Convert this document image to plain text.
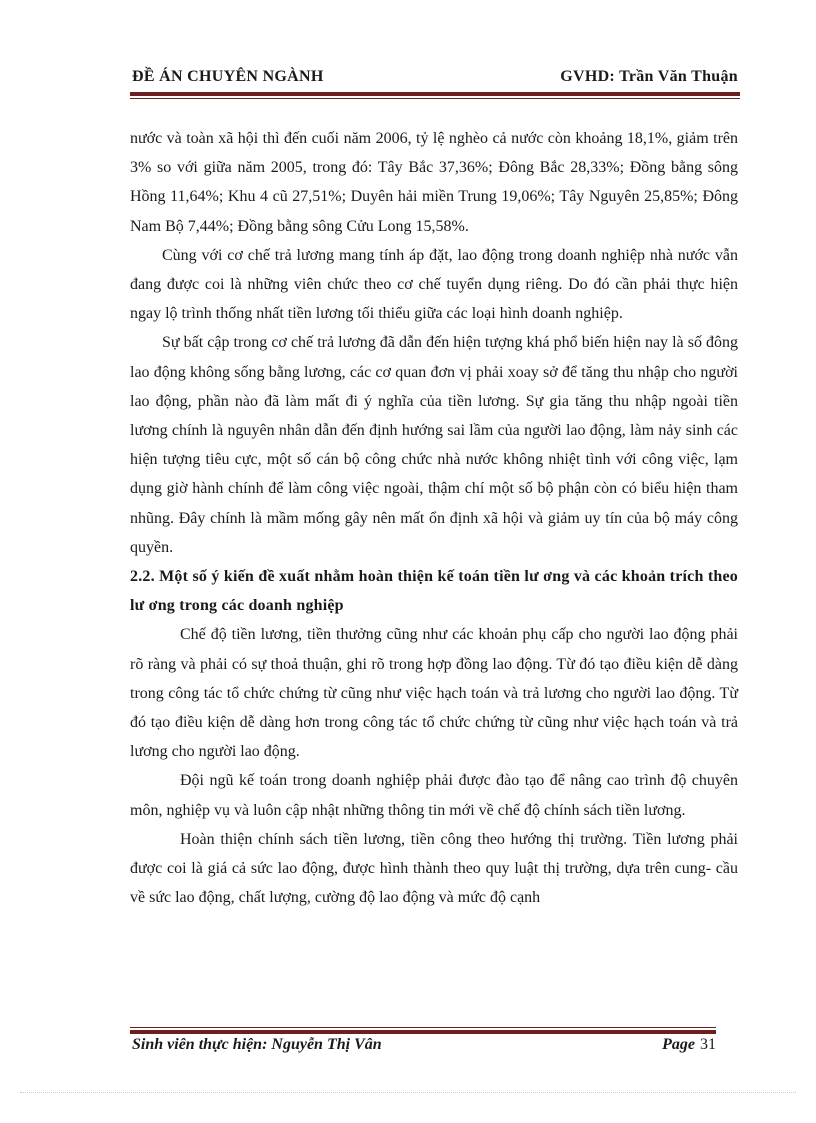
ĐỀ ÁN CHUYÊN NGÀNH	GVHD: Trần Văn Thuận

nước và toàn xã hội thì đến cuối năm 2006, tỷ lệ nghèo cả nước còn khoảng 18,1%, giảm trên 3% so với giữa năm 2005, trong đó: Tây Bắc 37,36%; Đông Bắc 28,33%; Đồng bằng sông Hồng 11,64%; Khu 4 cũ 27,51%; Duyên hải miền Trung 19,06%; Tây Nguyên 25,85%; Đông Nam Bộ 7,44%; Đồng bằng sông Cửu Long 15,58%.

Cùng với cơ chế trả lương mang tính áp đặt, lao động trong doanh nghiệp nhà nước vẫn đang được coi là những viên chức theo cơ chế tuyển dụng riêng. Do đó cần phải thực hiện ngay lộ trình thống nhất tiền lương tối thiểu giữa các loại hình doanh nghiệp.

Sự bất cập trong cơ chế trả lương đã dẫn đến hiện tượng khá phổ biến hiện nay là số đông lao động không sống bằng lương, các cơ quan đơn vị phải xoay sở để tăng thu nhập cho người lao động, phần nào đã làm mất đi ý nghĩa của tiền lương. Sự gia tăng thu nhập ngoài tiền lương chính là nguyên nhân dẫn đến định hướng sai lầm của người lao động, làm nảy sinh các hiện tượng tiêu cực, một số cán bộ công chức nhà nước không nhiệt tình với công việc, lạm dụng giờ hành chính để làm công việc ngoài, thậm chí một số bộ phận còn có biểu hiện tham nhũng. Đây chính là mầm mống gây nên mất ổn định xã hội và giảm uy tín của bộ máy công quyền.

2.2. Một số ý kiến đề xuất nhằm hoàn thiện kế toán tiền lư ơng và các khoản trích theo lư ơng trong các doanh nghiệp

Chế độ tiền lương, tiền thưởng cũng như các khoản phụ cấp cho người lao động phải rõ ràng và phải có sự thoả thuận, ghi rõ trong hợp đồng lao động. Từ đó tạo điều kiện dễ dàng trong công tác tổ chức chứng từ cũng như việc hạch toán và trả lương cho người lao động. Từ đó tạo điều kiện dễ dàng hơn trong công tác tổ chức chứng từ cũng như việc hạch toán và trả lương cho người lao động.

Đội ngũ kế toán trong doanh nghiệp phải được đào tạo để nâng cao trình độ chuyên môn, nghiệp vụ và luôn cập nhật những thông tin mới về chế độ chính sách tiền lương.

Hoàn thiện chính sách tiền lương, tiền công theo hướng thị trường. Tiền lương phải được coi là giá cả sức lao động, được hình thành theo quy luật thị trường, dựa trên cung- cầu về sức lao động, chất lượng, cường độ lao động và mức độ cạnh

Sinh viên thực hiện: Nguyễn Thị Vân	Page 31
